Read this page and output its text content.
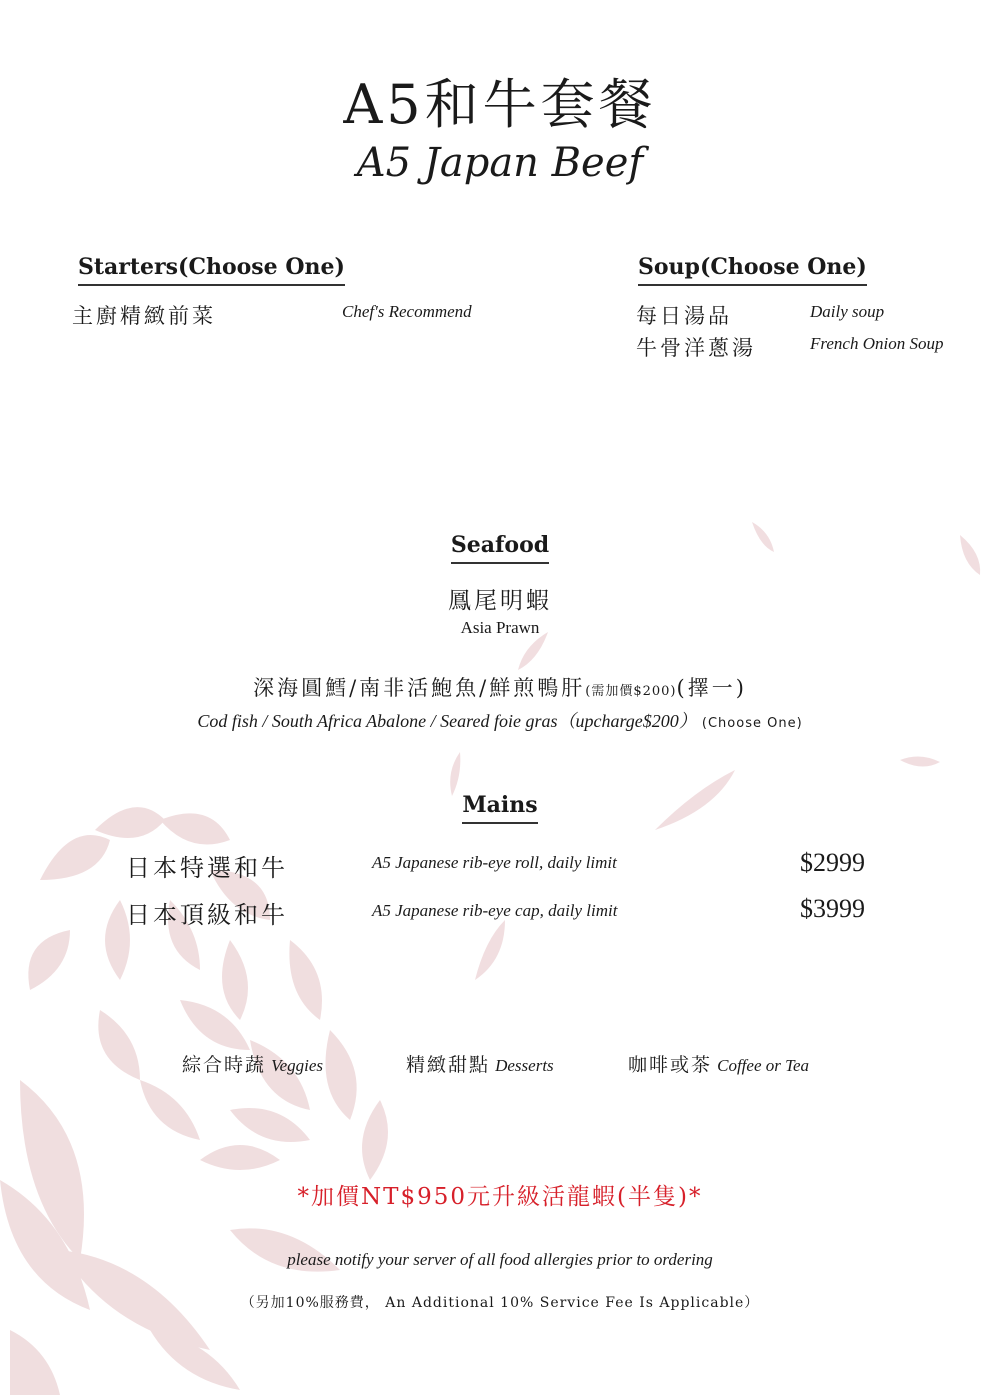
A5和牛套餐
A5 Japan Beef
Starters(Choose One)
主廚精緻前菜	Chef's Recommend
Soup(Choose One)
每日湯品	Daily soup
牛骨洋蔥湯	French Onion Soup
Seafood
鳳尾明蝦
Asia Prawn
深海圓鱈/南非活鮑魚/鮮煎鴨肝(需加價$200)(擇一)
Cod fish / South Africa Abalone / Seared foie gras（upcharge$200） (Choose One)
Mains
日本特選和牛	A5 Japanese rib-eye roll, daily limit	$2999
日本頂級和牛	A5 Japanese rib-eye cap, daily limit	$3999
綜合時蔬 Veggies	精緻甜點 Desserts	咖啡或茶 Coffee or Tea
*加價NT$950元升級活龍蝦(半隻)*
please notify your server of all food allergies prior to ordering
（另加10%服務費， An Additional 10% Service Fee Is Applicable）
